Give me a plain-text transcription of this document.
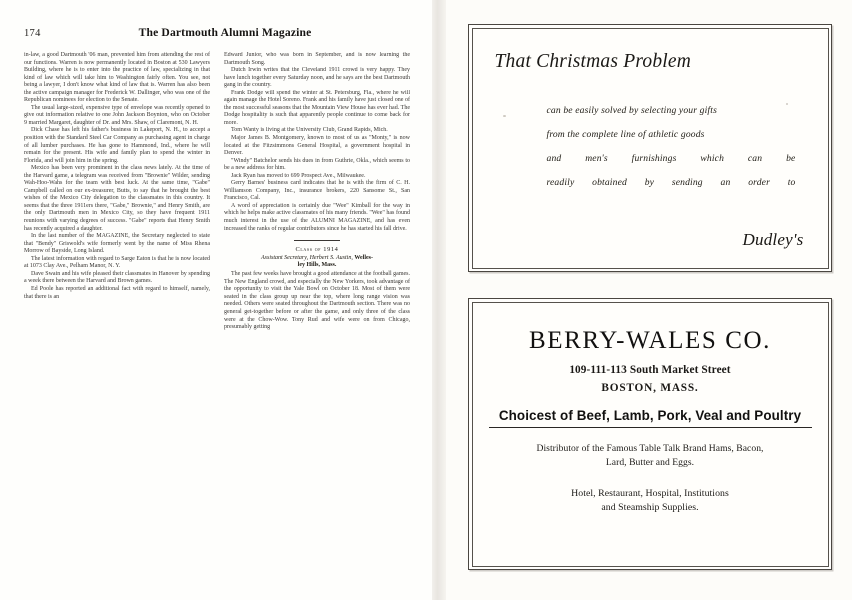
174	The Dartmouth Alumni Magazine

in-law, a good Dartmouth '06 man, prevented him from attending the rest of our functions. Warren is now permanently located in Boston at 530 Lawyers Building, where he is to enter into the practice of law, specializing in that kind of law which will take him to Washington fairly often. You see, not being a lawyer, I don't know what kind of law that is. Warren has also been the active campaign manager for Frederick W. Dallinger, who was one of the Republican nominees for election to the Senate.

The usual large-sized, expensive type of envelope was recently opened to give out information relative to one John Jackson Boynton, who on October 9 married Margaret, daughter of Dr. and Mrs. Shaw, of Claremont, N. H.

Dick Chase has left his father's business in Lakeport, N. H., to accept a position with the Standard Steel Car Company as purchasing agent in charge of all lumber purchases. He has gone to Hammond, Ind., where he will remain for the present. His wife and family plan to spend the winter in Florida, and will join him in the spring.

Mexico has been very prominent in the class news lately. At the time of the Harvard game, a telegram was received from "Brownie" Wilder, sending Wah-Hoo-Wahs for the team with best luck. At the same time, "Gabe" Campbell called on our ex-treasurer, Butts, to say that he brought the best wishes of the Mexico City delegation to the classmates in this country. It seems that the three 1911ers there, "Gabe," Brownie," and Henry Smith, are the only Dartmouth men in Mexico City, so they have frequent 1911 reunions with varying degrees of success. "Gabe" reports that Henry Smith has recently acquired a daughter.

In the last number of the MAGAZINE, the Secretary neglected to state that "Bendy" Griswold's wife formerly went by the name of Miss Rhena Morrow of Bayside, Long Island.

The latest information with regard to Sarge Eaton is that he is now located at 1073 Clay Ave., Pelham Manor, N. Y.

Dave Swain and his wife pleased their classmates in Hanover by spending a week there between the Harvard and Brown games.

Ed Poole has reported an additional fact with regard to himself, namely, that there is an

Edward Junior, who was born in September, and is now learning the Dartmouth Song.

Dutch Irwin writes that the Cleveland 1911 crowd is very happy. They have lunch together every Saturday noon, and he says are the best Dartmouth gang in the country.

Frank Dodge will spend the winter at St. Petersburg, Fla., where he will again manage the Hotel Soreno. Frank and his family have just closed one of the most successful seasons that the Mountain View House has ever had. The Dodge hospitality is such that apparently people continue to come back for more.

Tom Wanty is living at the University Club, Grand Rapids, Mich.

Major James B. Montgomery, known to most of us as "Monty," is now located at the Fitzsimmons General Hospital, a government hospital in Denver.

"Windy" Batchelor sends his dues in from Guthrie, Okla., which seems to be a new address for him.

Jack Ryan has moved to 699 Prospect Ave., Milwaukee.

Gerry Barnes' business card indicates that he is with the firm of C. H. Williamson Company, Inc., insurance brokers, 220 Sansome St., San Francisco, Cal.

A word of appreciation is certainly due "Wee" Kimball for the way in which he helps make active classmates of his many friends. "Wee" has found much interest in the use of the ALUMNI MAGAZINE, and has even increased the ranks of regular contributors since he has started his fall drive.

Class of 1914
Assistant Secretary, Herbert S. Austin, Welles-
ley Hills, Mass.

The past few weeks have brought a good attendance at the football games. The New England crowd, and especially the New Yorkers, took advantage of the opportunity to visit the Yale Bowl on October 18. Most of them were seated in the class group up near the top, where long range vision was needed. Others were seated throughout the Dartmouth section. There was no general get-together before or after the game, and only three of the class were at the Chow-Wow. Tony Rud and wife were on from Chicago, presumably getting

That Christmas Problem
can be easily solved by selecting your gifts
from the complete line of athletic goods
and men's furnishings which can be
readily obtained by sending an order to
Dudley's
BERRY-WALES CO.
109-111-113 South Market Street
BOSTON, MASS.
Choicest of Beef, Lamb, Pork, Veal and Poultry
Distributor of the Famous Table Talk Brand Hams, Bacon,
Lard, Butter and Eggs.
Hotel, Restaurant, Hospital, Institutions
and Steamship Supplies.
